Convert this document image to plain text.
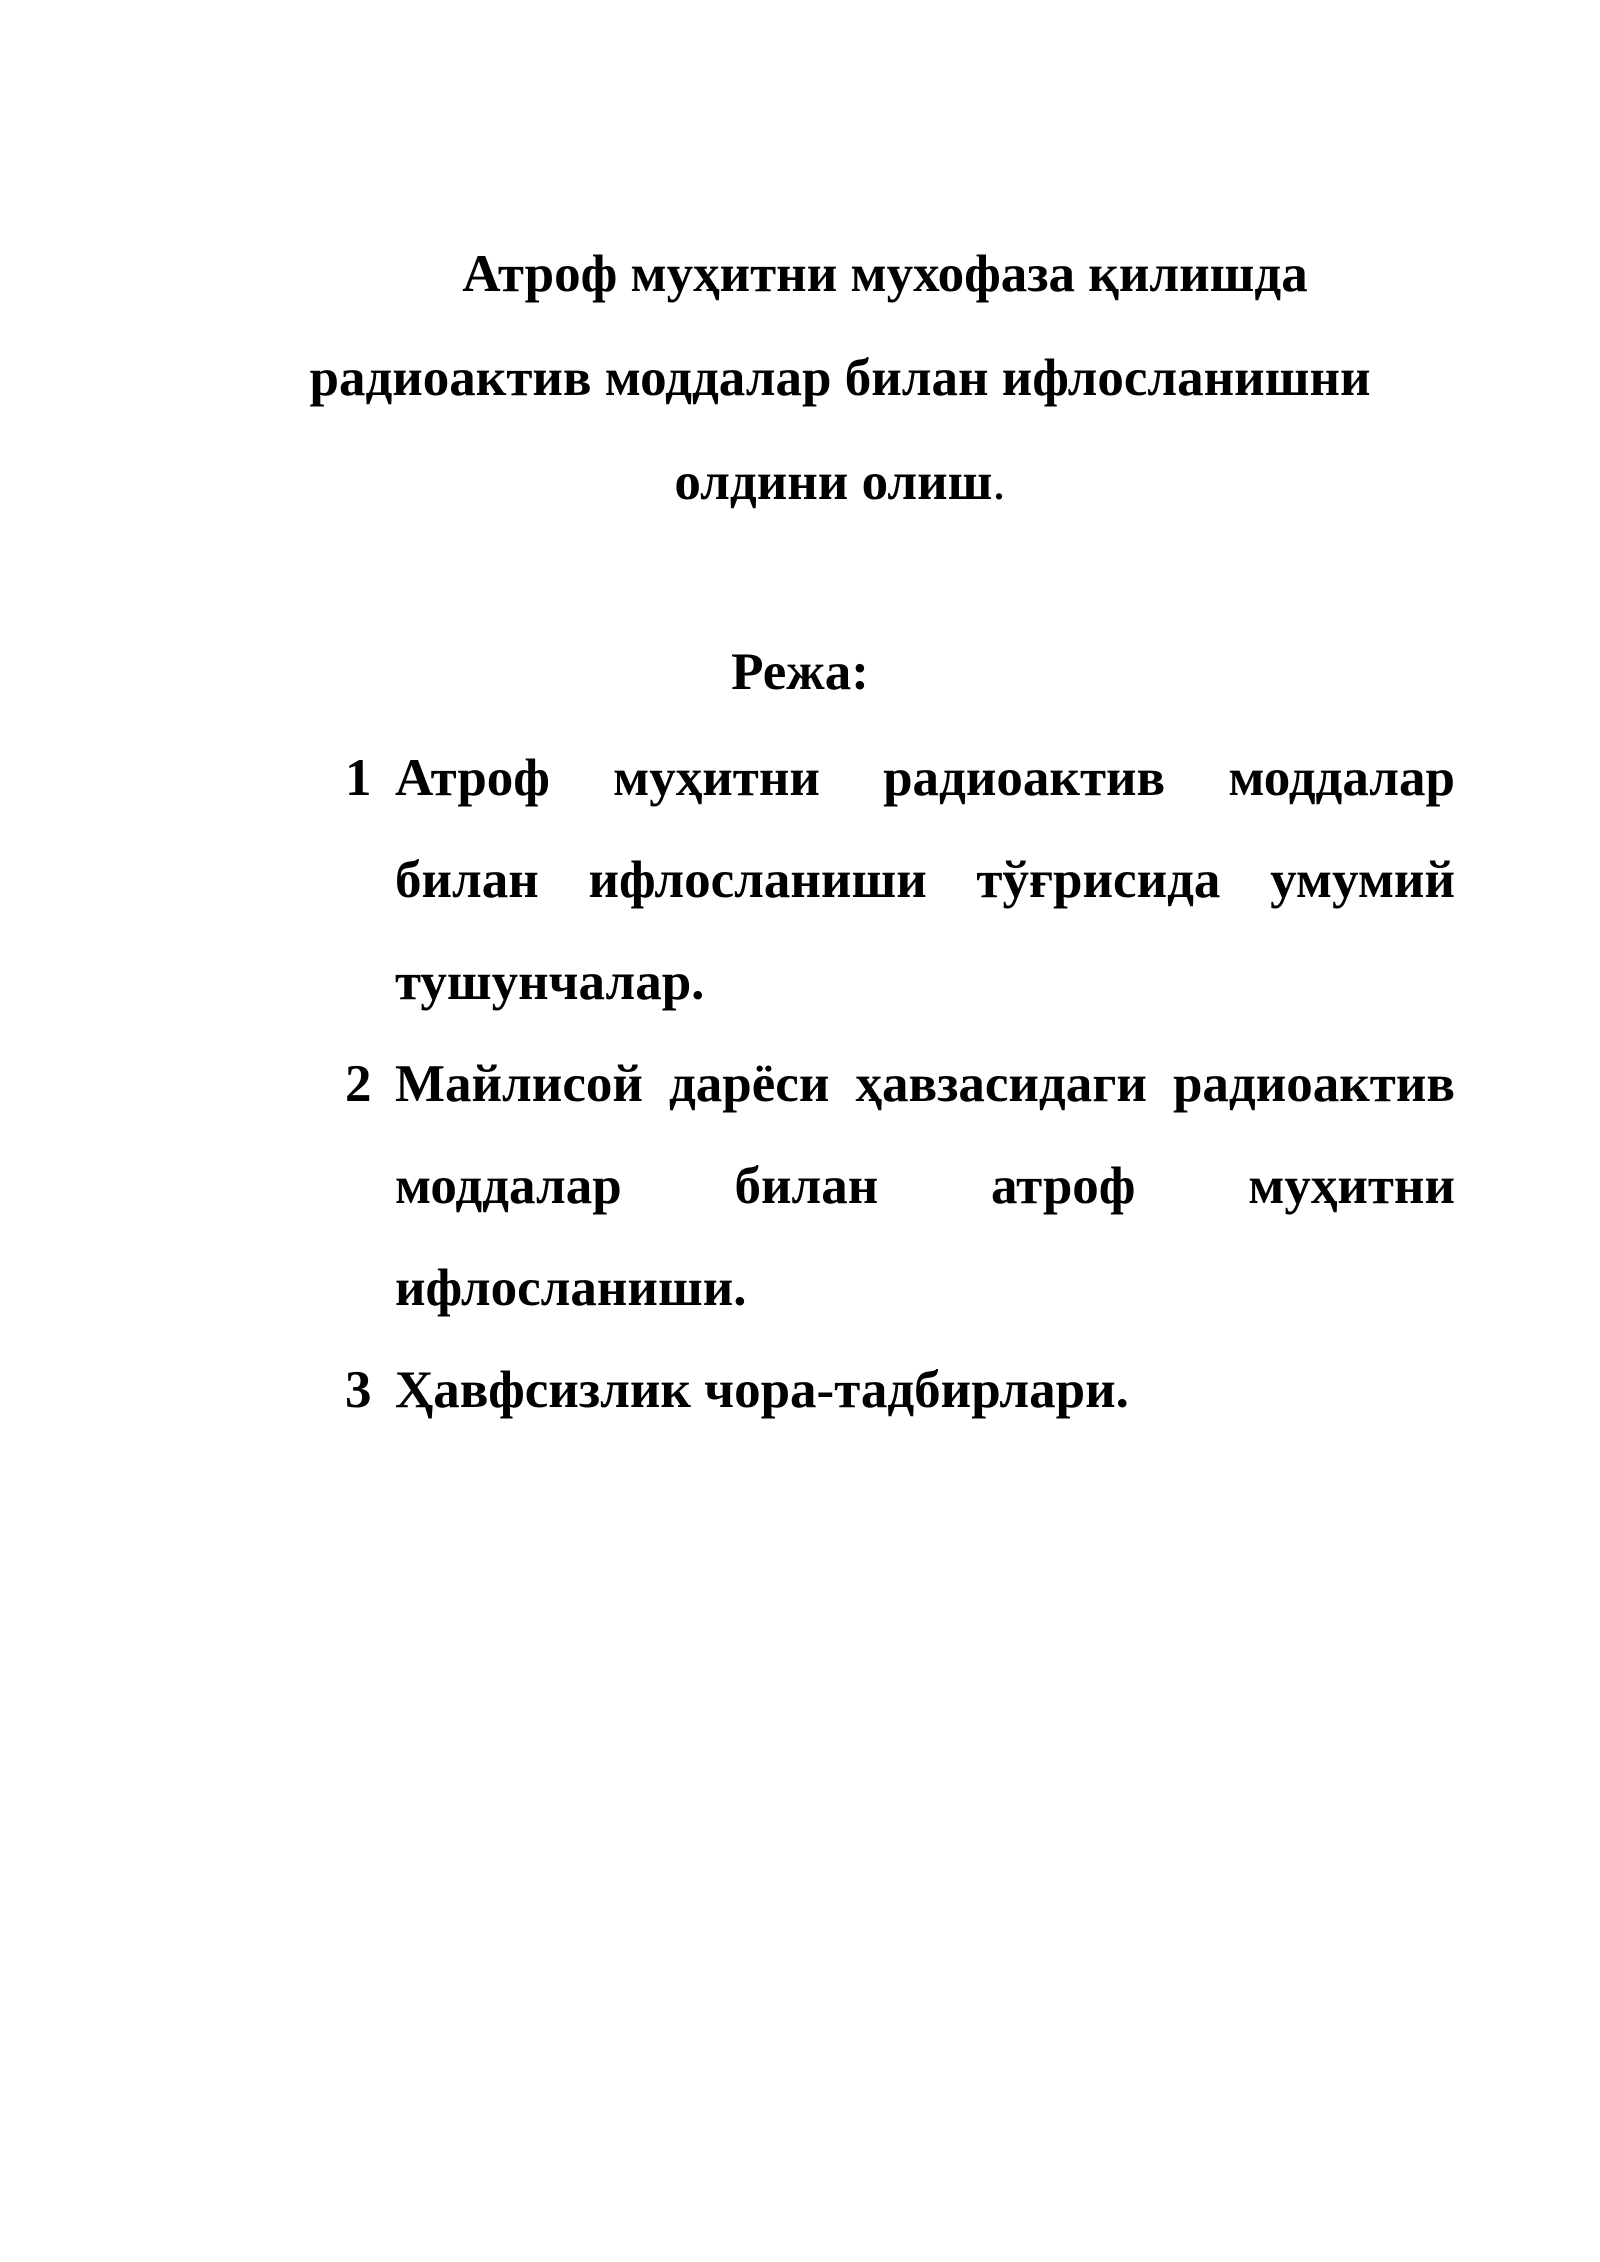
Атроф муҳитни мухофаза қилишда
радиоактив моддалар билан ифлосланишни
олдини олиш.
Режа:
1 Атроф муҳитни радиоактив моддалар билан ифлосланиши тўғрисида умумий тушунчалар.
2 Майлисой дарёси ҳавзасидаги радиоактив моддалар билан атроф муҳитни ифлосланиши.
3 Ҳавфсизлик чора-тадбирлари.
